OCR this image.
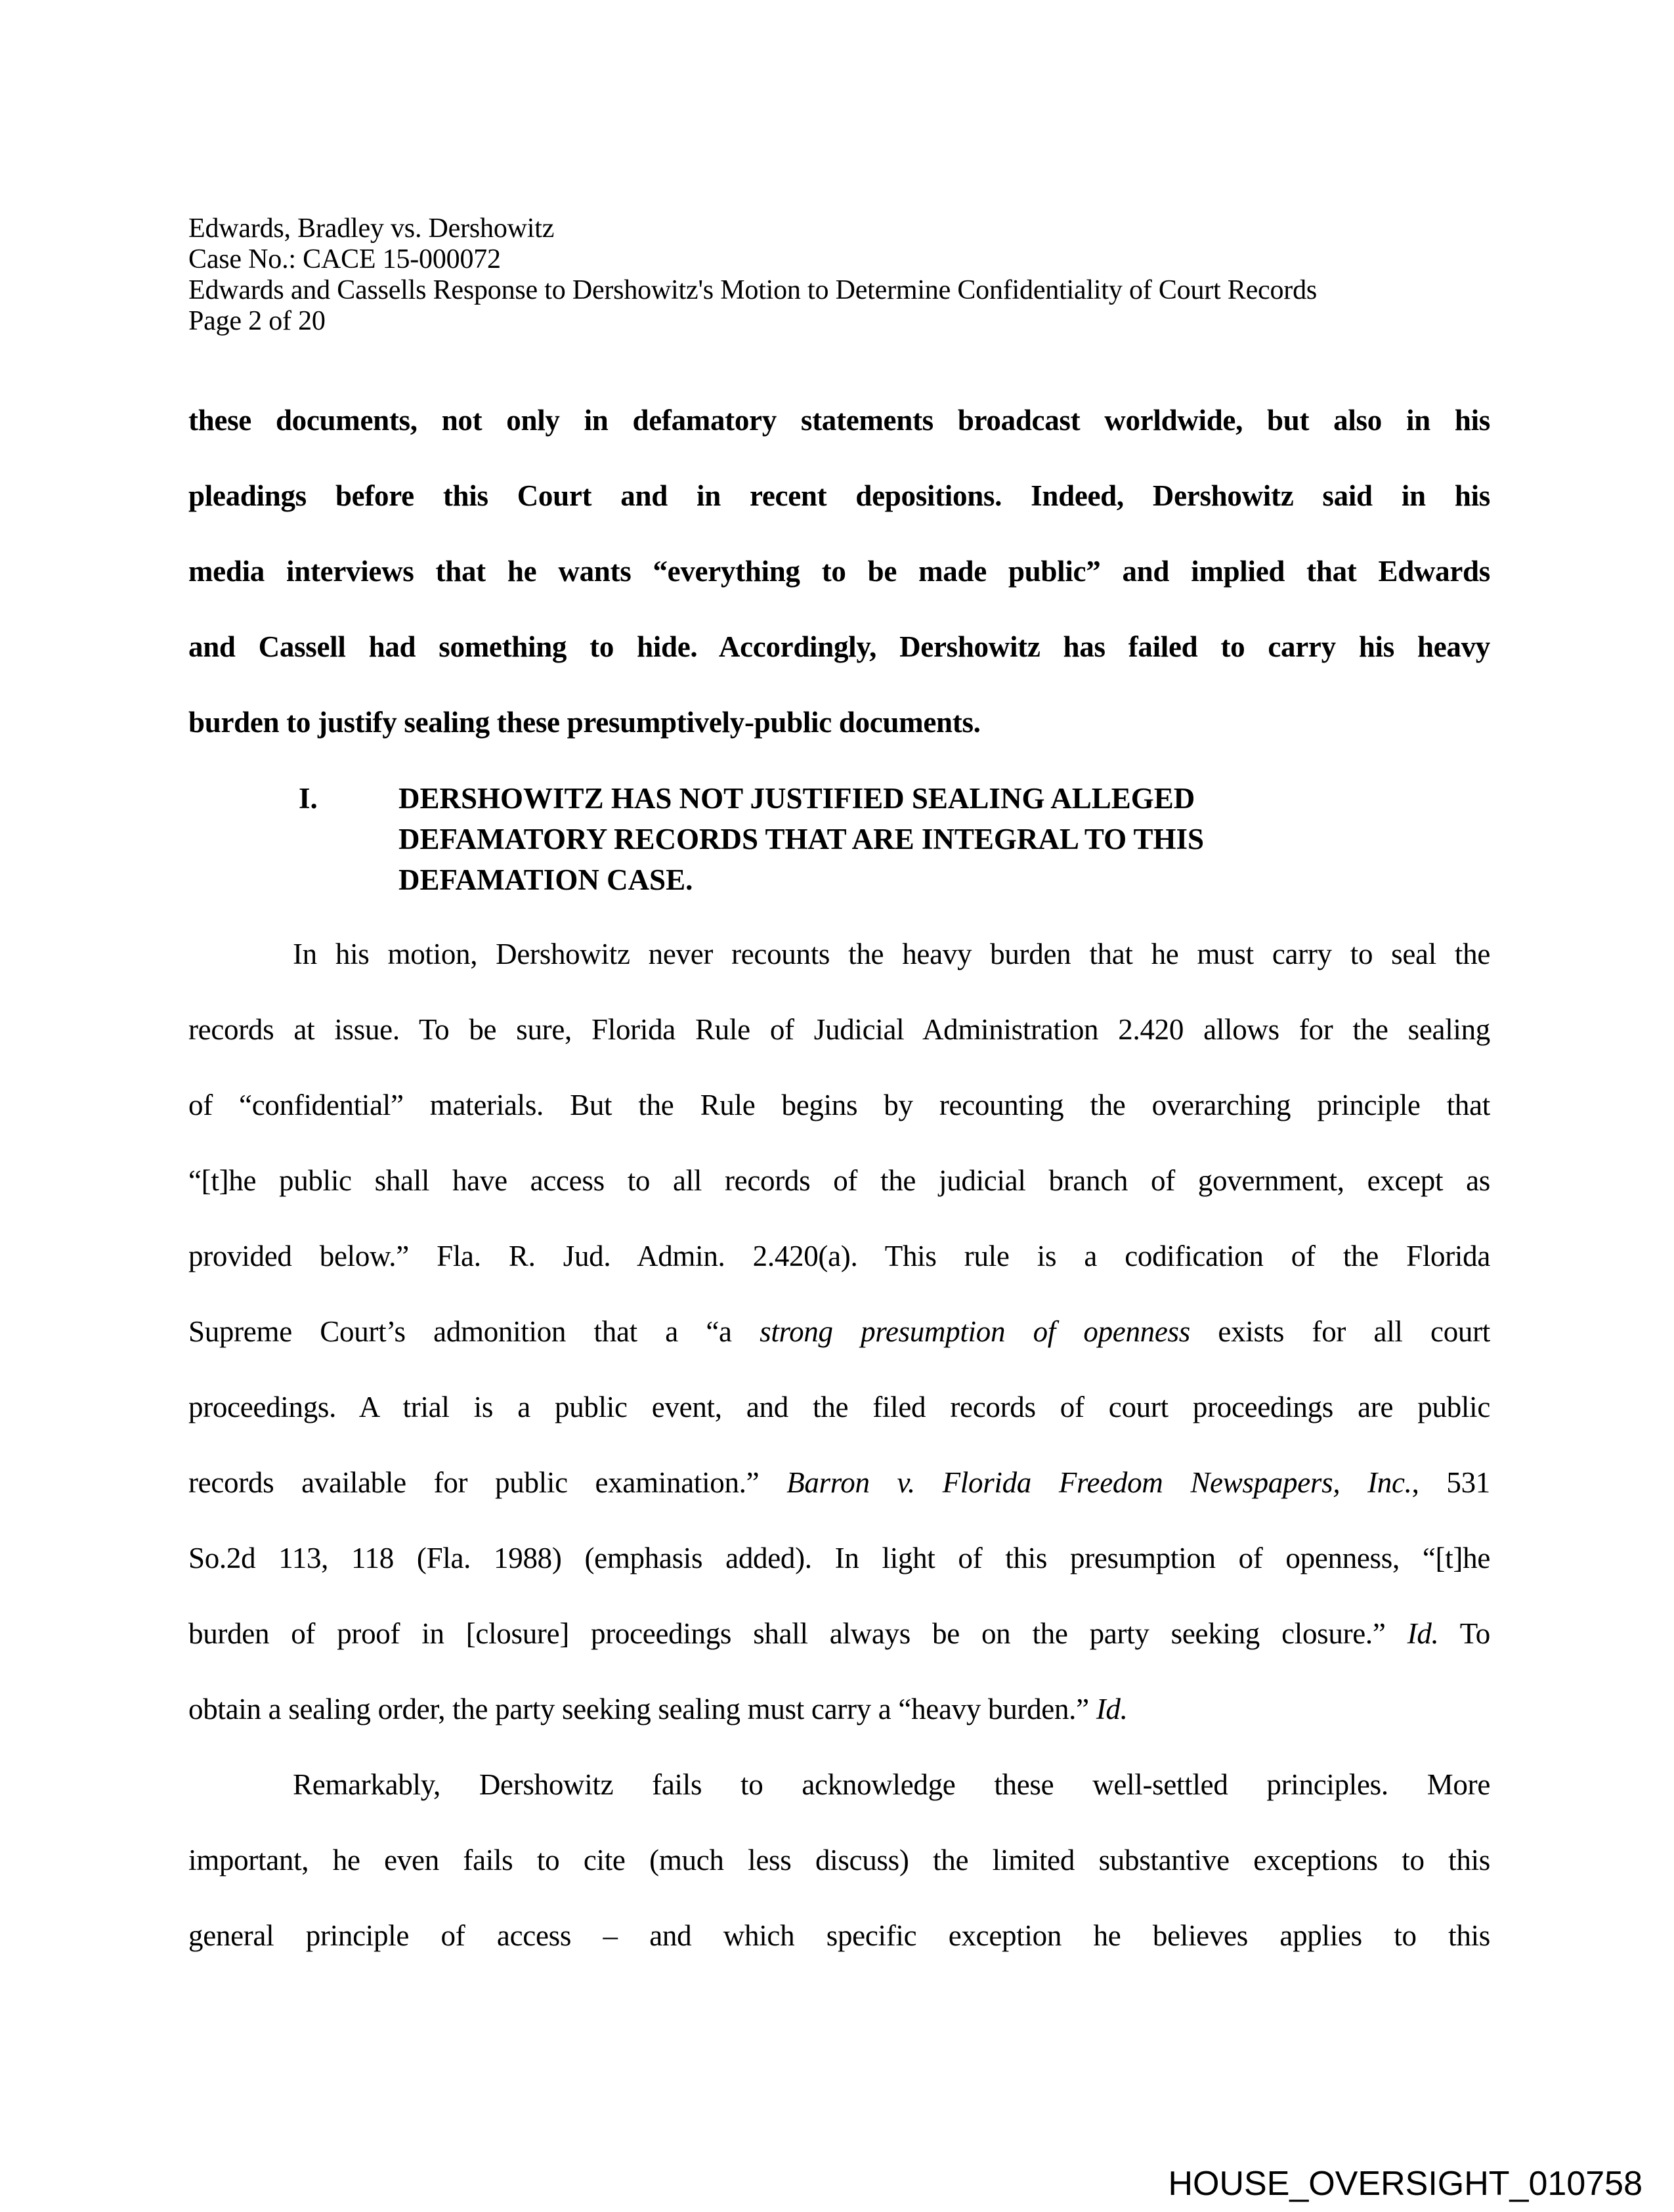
Edwards, Bradley vs. Dershowitz
Case No.: CACE 15-000072
Edwards and Cassells Response to Dershowitz's Motion to Determine Confidentiality of Court Records
Page 2 of 20
these documents, not only in defamatory statements broadcast worldwide, but also in his
pleadings before this Court and in recent depositions. Indeed, Dershowitz said in his
media interviews that he wants “everything to be made public” and implied that Edwards
and Cassell had something to hide. Accordingly, Dershowitz has failed to carry his heavy
burden to justify sealing these presumptively-public documents.
I.	DERSHOWITZ HAS NOT JUSTIFIED SEALING ALLEGED
DEFAMATORY RECORDS THAT ARE INTEGRAL TO THIS
DEFAMATION CASE.
In his motion, Dershowitz never recounts the heavy burden that he must carry to seal the
records at issue. To be sure, Florida Rule of Judicial Administration 2.420 allows for the sealing
of “confidential” materials. But the Rule begins by recounting the overarching principle that
“[t]he public shall have access to all records of the judicial branch of government, except as
provided below.” Fla. R. Jud. Admin. 2.420(a). This rule is a codification of the Florida
Supreme Court’s admonition that a “a strong presumption of openness exists for all court
proceedings. A trial is a public event, and the filed records of court proceedings are public
records available for public examination.” Barron v. Florida Freedom Newspapers, Inc., 531
So.2d 113, 118 (Fla. 1988) (emphasis added). In light of this presumption of openness, “[t]he
burden of proof in [closure] proceedings shall always be on the party seeking closure.” Id. To
obtain a sealing order, the party seeking sealing must carry a “heavy burden.” Id.
Remarkably, Dershowitz fails to acknowledge these well-settled principles. More
important, he even fails to cite (much less discuss) the limited substantive exceptions to this
general principle of access – and which specific exception he believes applies to this
HOUSE_OVERSIGHT_010758
